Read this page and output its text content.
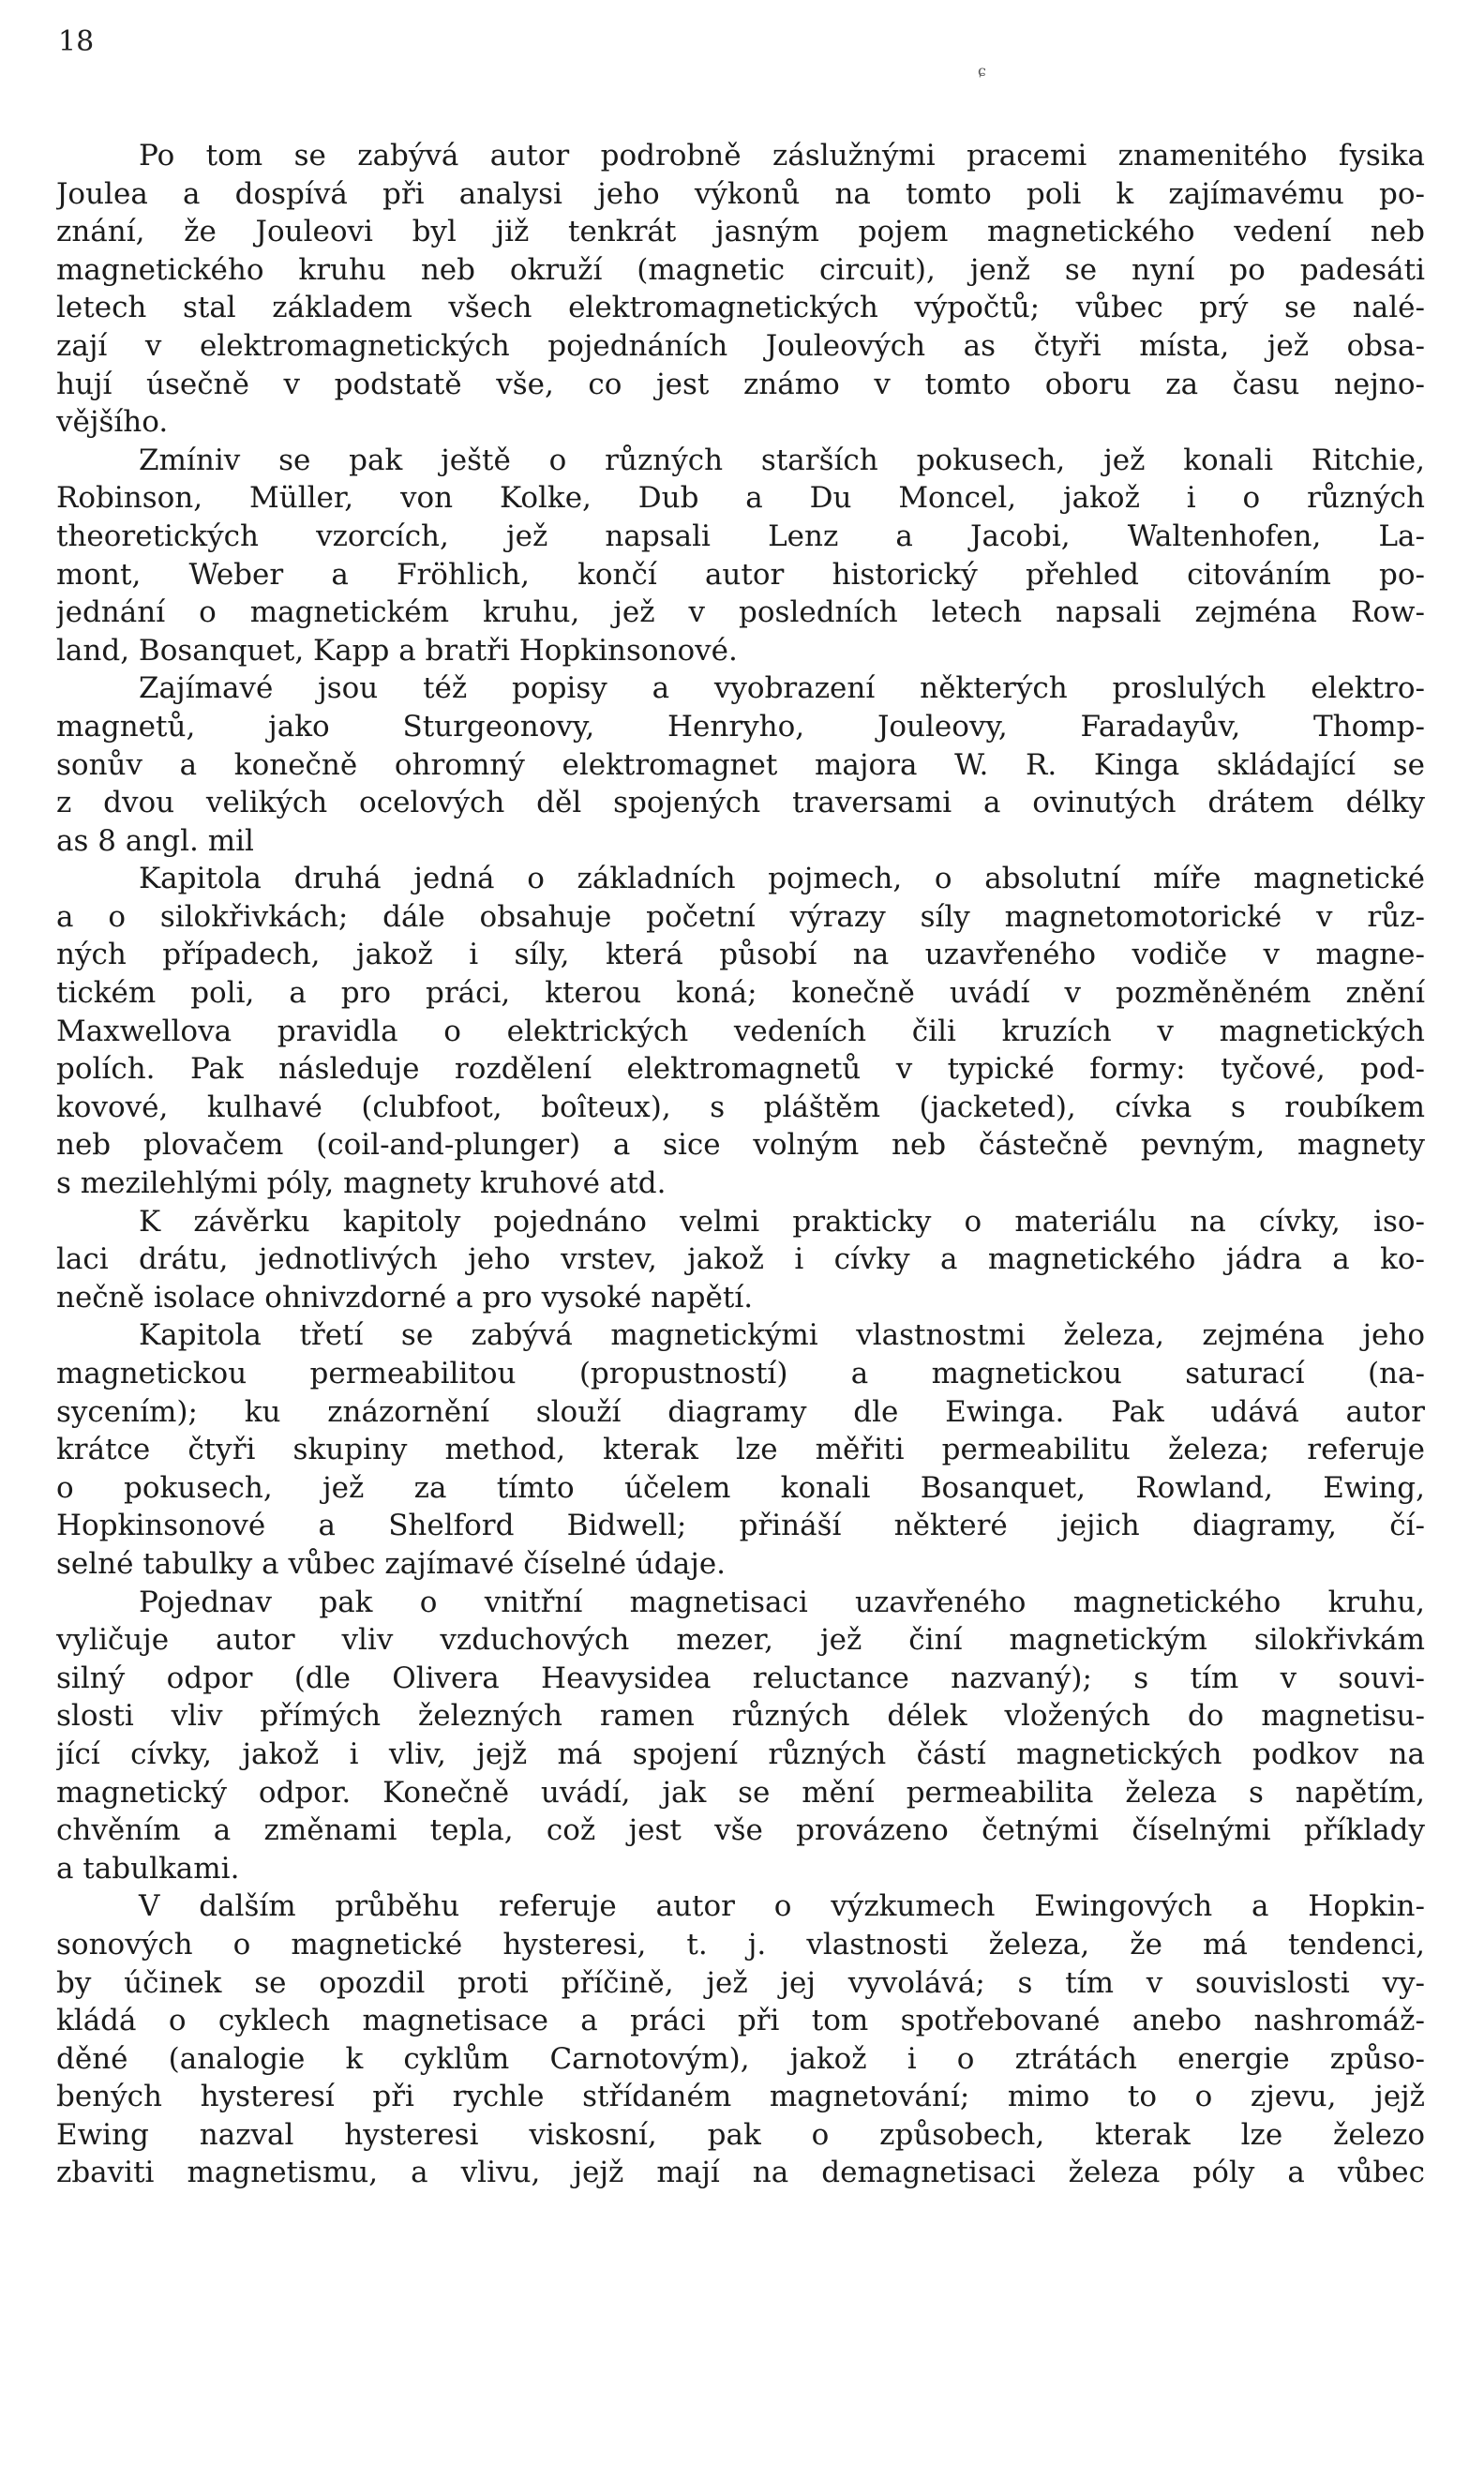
18
ɕ
Po tom se zabývá autor podrobně záslužnými pracemi znamenitého fysika
Joulea a dospívá při analysi jeho výkonů na tomto poli k zajímavému po-
znání, že Jouleovi byl již tenkrát jasným pojem magnetického vedení neb
magnetického kruhu neb okruží (magnetic circuit), jenž se nyní po padesáti
letech stal základem všech elektromagnetických výpočtů; vůbec prý se nalé-
zají v elektromagnetických pojednáních Jouleových as čtyři místa, jež obsa-
hují úsečně v podstatě vše, co jest známo v tomto oboru za času nejno-
vějšího.
Zmíniv se pak ještě o různých starších pokusech, jež konali Ritchie,
Robinson, Müller, von Kolke, Dub a Du Moncel, jakož i o různých
theoretických vzorcích, jež napsali Lenz a Jacobi, Waltenhofen, La-
mont, Weber a Fröhlich, končí autor historický přehled citováním po-
jednání o magnetickém kruhu, jež v posledních letech napsali zejména Row-
land, Bosanquet, Kapp a bratři Hopkinsonové.
Zajímavé jsou též popisy a vyobrazení některých proslulých elektro-
magnetů, jako Sturgeonovy, Henryho, Jouleovy, Faradayův, Thomp-
sonův a konečně ohromný elektromagnet majora W. R. Kinga skládající se
z dvou velikých ocelových děl spojených traversami a ovinutých drátem délky
as 8 angl. mil
Kapitola druhá jedná o základních pojmech, o absolutní míře magnetické
a o silokřivkách; dále obsahuje početní výrazy síly magnetomotorické v růz-
ných případech, jakož i síly, která působí na uzavřeného vodiče v magne-
tickém poli, a pro práci, kterou koná; konečně uvádí v pozměněném znění
Maxwellova pravidla o elektrických vedeních čili kruzích v magnetických
polích. Pak následuje rozdělení elektromagnetů v typické formy: tyčové, pod-
kovové, kulhavé (clubfoot, boîteux), s pláštěm (jacketed), cívka s roubíkem
neb plovačem (coil-and-plunger) a sice volným neb částečně pevným, magnety
s mezilehlými póly, magnety kruhové atd.
K závěrku kapitoly pojednáno velmi prakticky o materiálu na cívky, iso-
laci drátu, jednotlivých jeho vrstev, jakož i cívky a magnetického jádra a ko-
nečně isolace ohnivzdorné a pro vysoké napětí.
Kapitola třetí se zabývá magnetickými vlastnostmi železa, zejména jeho
magnetickou permeabilitou (propustností) a magnetickou saturací (na-
sycením); ku znázornění slouží diagramy dle Ewinga. Pak udává autor
krátce čtyři skupiny method, kterak lze měřiti permeabilitu železa; referuje
o pokusech, jež za tímto účelem konali Bosanquet, Rowland, Ewing,
Hopkinsonové a Shelford Bidwell; přináší některé jejich diagramy, čí-
selné tabulky a vůbec zajímavé číselné údaje.
Pojednav pak o vnitřní magnetisaci uzavřeného magnetického kruhu,
vyličuje autor vliv vzduchových mezer, jež činí magnetickým silokřivkám
silný odpor (dle Olivera Heavysidea reluctance nazvaný); s tím v souvi-
slosti vliv přímých železných ramen různých délek vložených do magnetisu-
jící cívky, jakož i vliv, jejž má spojení různých částí magnetických podkov na
magnetický odpor. Konečně uvádí, jak se mění permeabilita železa s napětím,
chvěním a změnami tepla, což jest vše provázeno četnými číselnými příklady
a tabulkami.
V dalším průběhu referuje autor o výzkumech Ewingových a Hopkin-
sonových o magnetické hysteresi, t. j. vlastnosti železa, že má tendenci,
by účinek se opozdil proti příčině, jež jej vyvolává; s tím v souvislosti vy-
kládá o cyklech magnetisace a práci při tom spotřebované anebo nashromáž-
děné (analogie k cyklům Carnotovým), jakož i o ztrátách energie způso-
bených hysteresí při rychle střídaném magnetování; mimo to o zjevu, jejž
Ewing nazval hysteresi viskosní, pak o způsobech, kterak lze železo
zbaviti magnetismu, a vlivu, jejž mají na demagnetisaci železa póly a vůbec
